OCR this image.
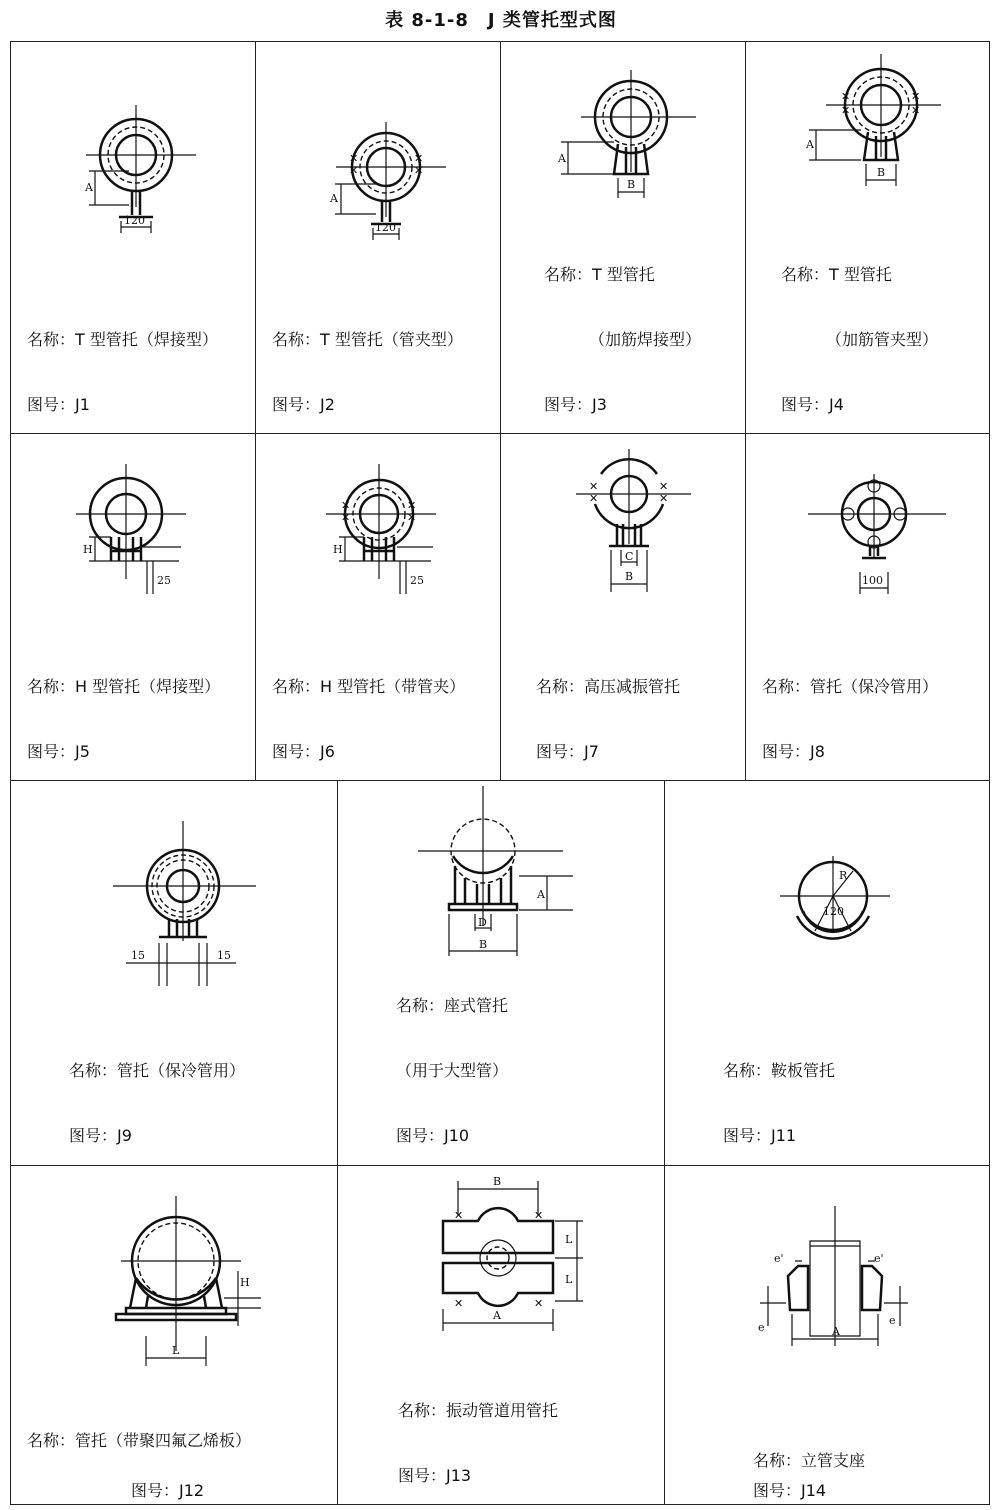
表 8-1-8　J 类管托型式图
A
120
名称：T 型管托（焊接型）
图号：J1
✕
✕
✕
✕
A
120
名称：T 型管托（管夹型）
图号：J2
A
B
名称：T 型管托
（加筋焊接型）
图号：J3
✕
✕
✕
✕
A
B
名称：T 型管托
（加筋管夹型）
图号：J4
H
25
名称：H 型管托（焊接型）
图号：J5
✕
✕
✕
✕
H
25
名称：H 型管托（带管夹）
图号：J6
✕
✕
✕
✕
C
B
名称：高压减振管托
图号：J7
100
名称：管托（保冷管用）
图号：J8
15	15
名称：管托（保冷管用）
图号：J9
A
D
B
名称：座式管托
（用于大型管）
图号：J10
R
120
名称：鞍板管托
图号：J11
H
L
名称：管托（带聚四氟乙烯板）
图号：J12
✕	✕
✕	✕
B
L
L
A
名称：振动管道用管托
图号：J13
e'	e'
e
e
A
名称：立管支座
图号：J14
